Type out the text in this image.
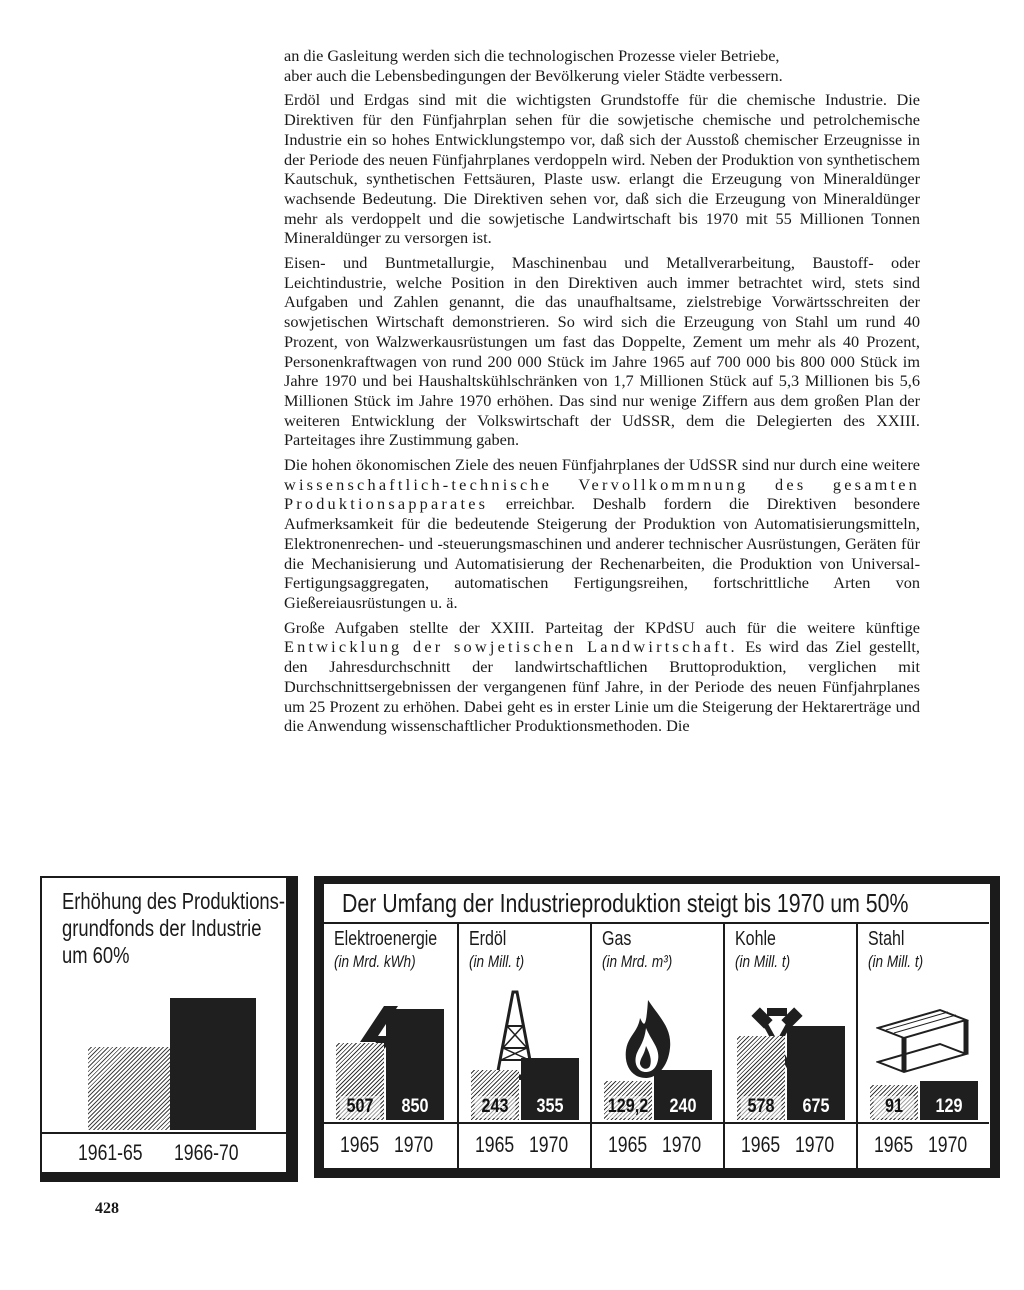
an die Gasleitung werden sich die technologischen Prozesse vieler Betriebe,
aber auch die Lebensbedingungen der Bevölkerung vieler Städte verbessern.

Erdöl und Erdgas sind mit die wichtigsten Grundstoffe für die chemische Industrie. Die Direktiven für den Fünfjahrplan sehen für die sowjetische chemische und petrolchemische Industrie ein so hohes Entwicklungstempo vor, daß sich der Ausstoß chemischer Erzeugnisse in der Periode des neuen Fünfjahrplanes verdoppeln wird. Neben der Produktion von synthetischem Kautschuk, synthetischen Fettsäuren, Plaste usw. erlangt die Erzeugung von Mineraldünger wachsende Bedeutung. Die Direktiven sehen vor, daß sich die Erzeugung von Mineraldünger mehr als verdoppelt und die sowjetische Landwirtschaft bis 1970 mit 55 Millionen Tonnen Mineraldünger zu versorgen ist.

Eisen- und Buntmetallurgie, Maschinenbau und Metallverarbeitung, Baustoff- oder Leichtindustrie, welche Position in den Direktiven auch immer betrachtet wird, stets sind Aufgaben und Zahlen genannt, die das unaufhaltsame, zielstrebige Vorwärtsschreiten der sowjetischen Wirtschaft demonstrieren. So wird sich die Erzeugung von Stahl um rund 40 Prozent, von Walzwerkausrüstungen um fast das Doppelte, Zement um mehr als 40 Prozent, Personenkraftwagen von rund 200 000 Stück im Jahre 1965 auf 700 000 bis 800 000 Stück im Jahre 1970 und bei Haushaltskühlschränken von 1,7 Millionen Stück auf 5,3 Millionen bis 5,6 Millionen Stück im Jahre 1970 erhöhen. Das sind nur wenige Ziffern aus dem großen Plan der weiteren Entwicklung der Volkswirtschaft der UdSSR, dem die Delegierten des XXIII. Parteitages ihre Zustimmung gaben.

Die hohen ökonomischen Ziele des neuen Fünfjahrplanes der UdSSR sind nur durch eine weitere wissenschaftlich-technische Vervollkommnung des gesamten Produktionsapparates erreichbar. Deshalb fordern die Direktiven besondere Aufmerksamkeit für die bedeutende Steigerung der Produktion von Automatisierungsmitteln, Elektronenrechen- und -steuerungsmaschinen und anderer technischer Ausrüstungen, Geräten für die Mechanisierung und Automatisierung der Rechenarbeiten, die Produktion von Universal-Fertigungsaggregaten, automatischen Fertigungsreihen, fortschrittliche Arten von Gießereiausrüstungen u. ä.

Große Aufgaben stellte der XXIII. Parteitag der KPdSU auch für die weitere künftige Entwicklung der sowjetischen Landwirtschaft. Es wird das Ziel gestellt, den Jahresdurchschnitt der landwirtschaftlichen Bruttoproduktion, verglichen mit Durchschnittsergebnissen der vergangenen fünf Jahre, in der Periode des neuen Fünfjahrplanes um 25 Prozent zu erhöhen. Dabei geht es in erster Linie um die Steigerung der Hektarerträge und die Anwendung wissenschaftlicher Produktionsmethoden. Die

Erhöhung des Produktions-
grundfonds der Industrie
um 60%
1961-65 1966-70
Der Umfang der Industrieproduktion steigt bis 1970 um 50%
Elektroenergie
(in Mrd. kWh)
507	850
1965 1970
Erdöl
(in Mill. t)
243	355
1965 1970
Gas
(in Mrd. m³)
129,2	240
1965 1970
Kohle
(in Mill. t)
578	675
1965 1970
Stahl
(in Mill. t)
91	129
1965 1970
428
